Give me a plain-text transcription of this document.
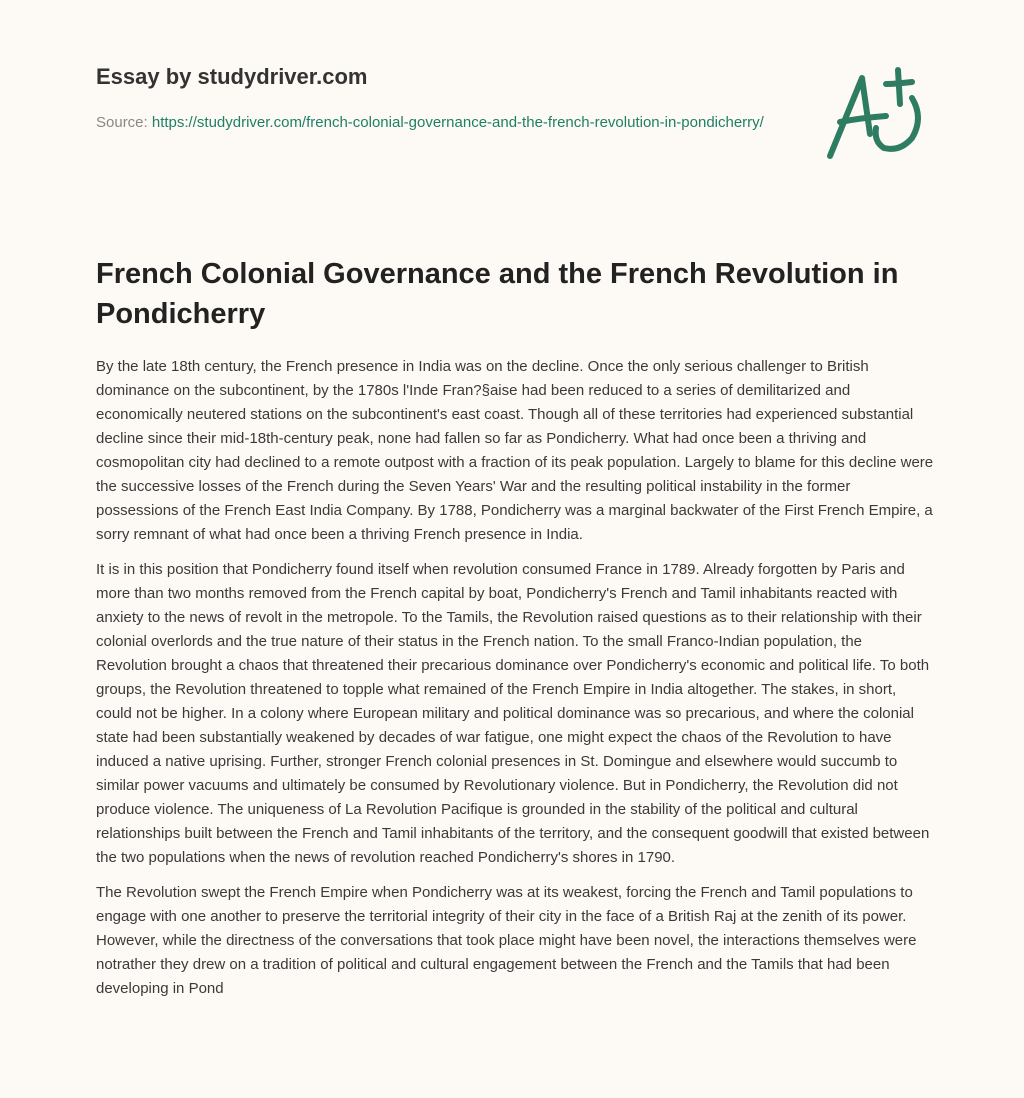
Essay by studydriver.com
Source: https://studydriver.com/french-colonial-governance-and-the-french-revolution-in-pondicherry/
French Colonial Governance and the French Revolution in Pondicherry

By the late 18th century, the French presence in India was on the decline. Once the only serious challenger to British dominance on the subcontinent, by the 1780s l'Inde Fran?§aise had been reduced to a series of demilitarized and economically neutered stations on the subcontinent's east coast. Though all of these territories had experienced substantial decline since their mid-18th-century peak, none had fallen so far as Pondicherry. What had once been a thriving and cosmopolitan city had declined to a remote outpost with a fraction of its peak population. Largely to blame for this decline were the successive losses of the French during the Seven Years' War and the resulting political instability in the former possessions of the French East India Company. By 1788, Pondicherry was a marginal backwater of the First French Empire, a sorry remnant of what had once been a thriving French presence in India.

It is in this position that Pondicherry found itself when revolution consumed France in 1789. Already forgotten by Paris and more than two months removed from the French capital by boat, Pondicherry's French and Tamil inhabitants reacted with anxiety to the news of revolt in the metropole. To the Tamils, the Revolution raised questions as to their relationship with their colonial overlords and the true nature of their status in the French nation. To the small Franco-Indian population, the Revolution brought a chaos that threatened their precarious dominance over Pondicherry's economic and political life. To both groups, the Revolution threatened to topple what remained of the French Empire in India altogether. The stakes, in short, could not be higher. In a colony where European military and political dominance was so precarious, and where the colonial state had been substantially weakened by decades of war fatigue, one might expect the chaos of the Revolution to have induced a native uprising. Further, stronger French colonial presences in St. Domingue and elsewhere would succumb to similar power vacuums and ultimately be consumed by Revolutionary violence. But in Pondicherry, the Revolution did not produce violence. The uniqueness of La Revolution Pacifique is grounded in the stability of the political and cultural relationships built between the French and Tamil inhabitants of the territory, and the consequent goodwill that existed between the two populations when the news of revolution reached Pondicherry's shores in 1790.

The Revolution swept the French Empire when Pondicherry was at its weakest, forcing the French and Tamil populations to engage with one another to preserve the territorial integrity of their city in the face of a British Raj at the zenith of its power. However, while the directness of the conversations that took place might have been novel, the interactions themselves were notrather they drew on a tradition of political and cultural engagement between the French and the Tamils that had been developing in Pond
